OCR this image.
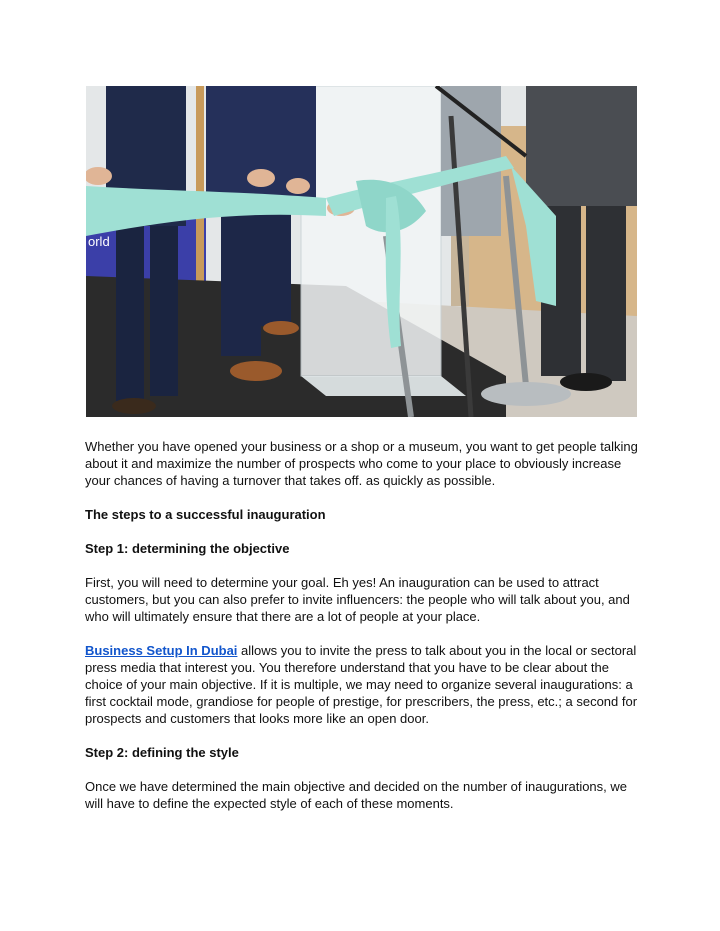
orld

Whether you have opened your business or a shop or a museum, you want to get people talking about it and maximize the number of prospects who come to your place to obviously increase your chances of having a turnover that takes off. as quickly as possible.

The steps to a successful inauguration

Step 1: determining the objective

First, you will need to determine your goal. Eh yes! An inauguration can be used to attract customers, but you can also prefer to invite influencers: the people who will talk about you, and who will ultimately ensure that there are a lot of people at your place.

Business Setup In Dubai allows you to invite the press to talk about you in the local or sectoral press media that interest you. You therefore understand that you have to be clear about the choice of your main objective. If it is multiple, we may need to organize several inaugurations: a first cocktail mode, grandiose for people of prestige, for prescribers, the press, etc.; a second for prospects and customers that looks more like an open door.

Step 2: defining the style

Once we have determined the main objective and decided on the number of inaugurations, we will have to define the expected style of each of these moments.
